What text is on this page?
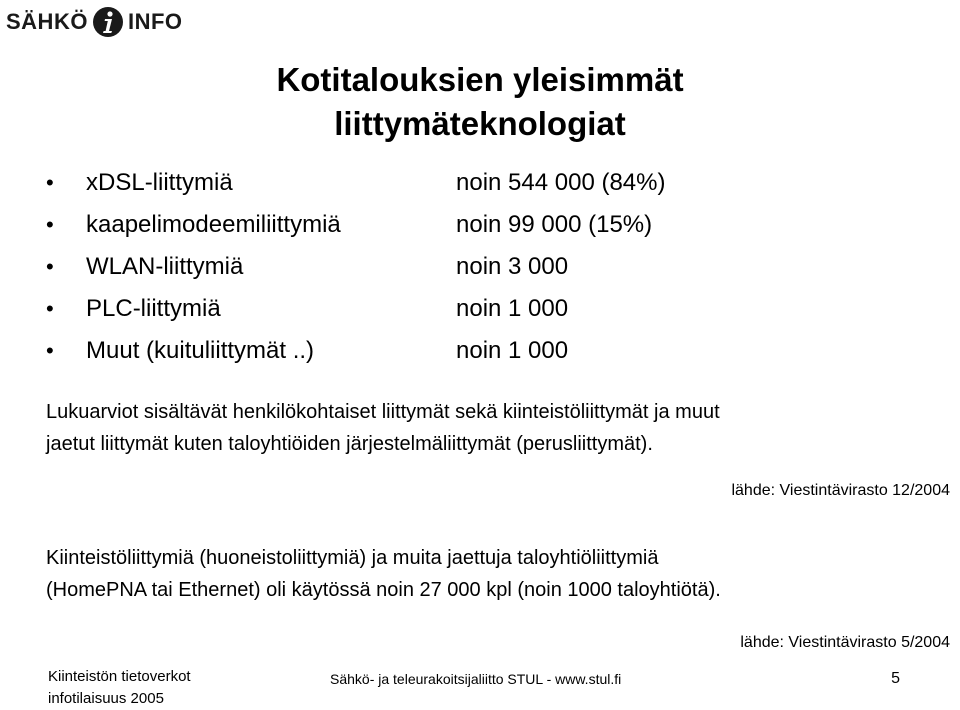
SÄHKÖ INFO
Kotitalouksien yleisimmät
liittymäteknologiat
•	xDSL-liittymiä	noin 544 000 (84%)
•	kaapelimodeemiliittymiä	noin 99 000 (15%)
•	WLAN-liittymiä	noin 3 000
•	PLC-liittymiä	noin 1 000
•	Muut (kuituliittymät ..)	noin 1 000
Lukuarviot sisältävät henkilökohtaiset liittymät sekä kiinteistöliittymät ja muut
jaetut liittymät kuten taloyhtiöiden järjestelmäliittymät (perusliittymät).
lähde: Viestintävirasto 12/2004
Kiinteistöliittymiä (huoneistoliittymiä) ja muita jaettuja taloyhtiöliittymiä
(HomePNA tai Ethernet) oli käytössä noin 27 000 kpl (noin 1000 taloyhtiötä).
lähde: Viestintävirasto 5/2004
Kiinteistön tietoverkot
infotilaisuus 2005
Sähkö- ja teleurakoitsijaliitto STUL - www.stul.fi	5
